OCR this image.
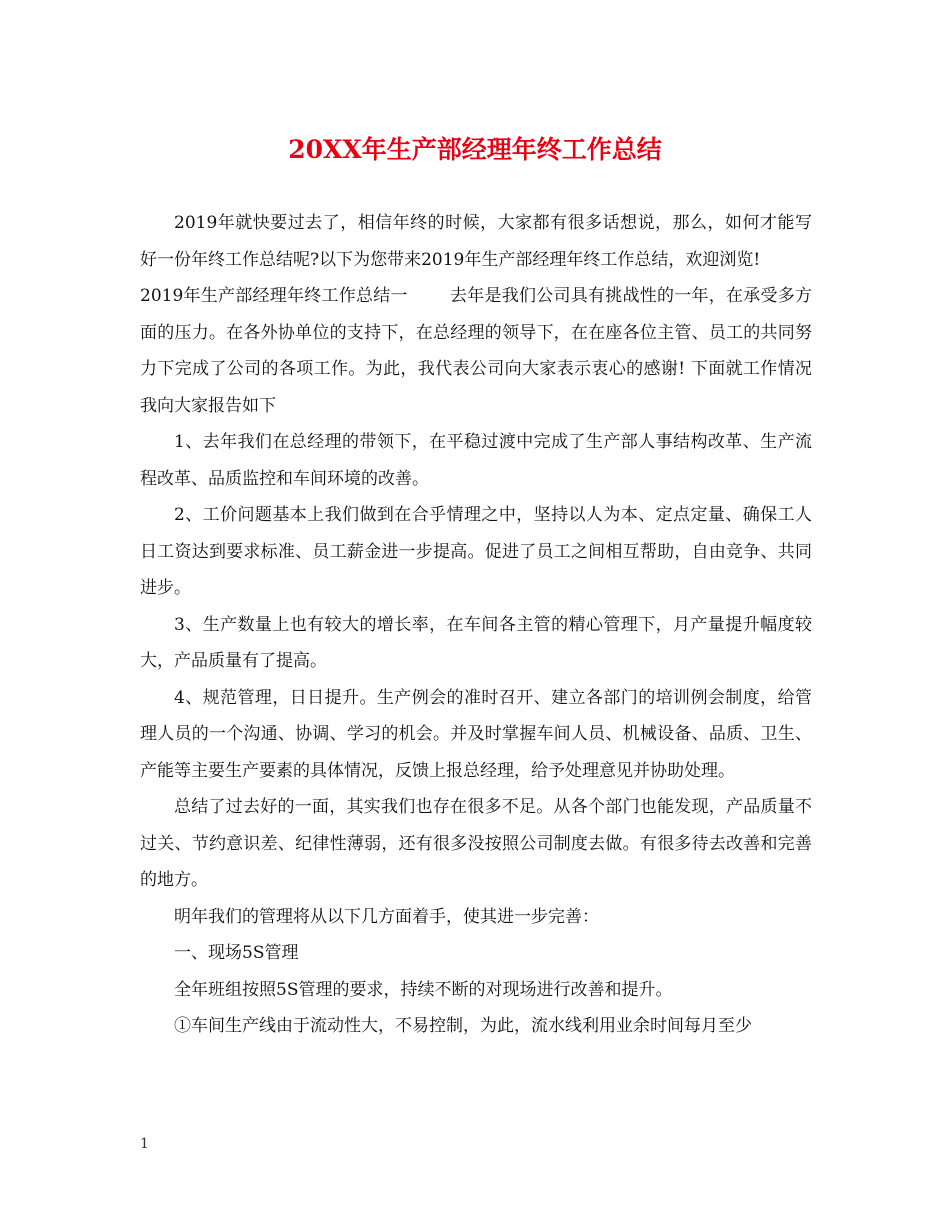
20XX年生产部经理年终工作总结

2019年就快要过去了，相信年终的时候，大家都有很多话想说，那么，如何才能写好一份年终工作总结呢?以下为您带来2019年生产部经理年终工作总结，欢迎浏览!

2019年生产部经理年终工作总结一 去年是我们公司具有挑战性的一年，在承受多方面的压力。在各外协单位的支持下，在总经理的领导下，在在座各位主管、员工的共同努力下完成了公司的各项工作。为此，我代表公司向大家表示衷心的感谢! 下面就工作情况我向大家报告如下

1、去年我们在总经理的带领下，在平稳过渡中完成了生产部人事结构改革、生产流程改革、品质监控和车间环境的改善。

2、工价问题基本上我们做到在合乎情理之中，坚持以人为本、定点定量、确保工人日工资达到要求标准、员工薪金进一步提高。促进了员工之间相互帮助，自由竞争、共同进步。

3、生产数量上也有较大的增长率，在车间各主管的精心管理下，月产量提升幅度较大，产品质量有了提高。

4、规范管理，日日提升。生产例会的准时召开、建立各部门的培训例会制度，给管理人员的一个沟通、协调、学习的机会。并及时掌握车间人员、机械设备、品质、卫生、产能等主要生产要素的具体情况，反馈上报总经理，给予处理意见并协助处理。

总结了过去好的一面，其实我们也存在很多不足。从各个部门也能发现，产品质量不过关、节约意识差、纪律性薄弱，还有很多没按照公司制度去做。有很多待去改善和完善的地方。

明年我们的管理将从以下几方面着手，使其进一步完善：

一、现场5S管理

全年班组按照5S管理的要求，持续不断的对现场进行改善和提升。

①车间生产线由于流动性大，不易控制，为此，流水线利用业余时间每月至少

1
